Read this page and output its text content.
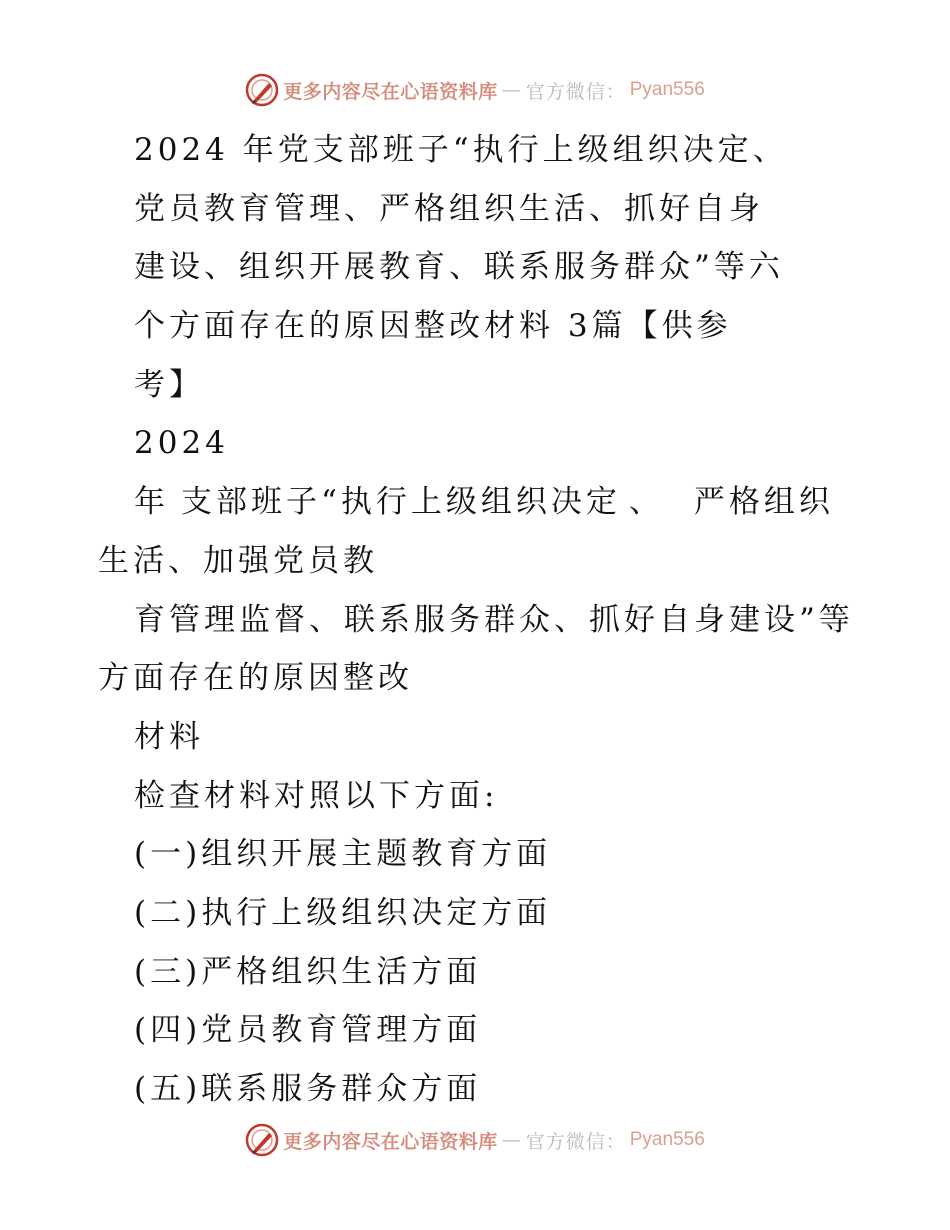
更多内容尽在心语资料库 — 官方微信： Pyan556
2024 年党支部班子“执行上级组织决定、
党员教育管理、严格组织生活、抓好自身
建设、组织开展教育、联系服务群众”等六
个方面存在的原因整改材料 3篇【供参
考】
2024
年 支部班子“执行上级组织决定 、 严格组织
生活、加强党员教
育管理监督、联系服务群众、抓好自身建设”等
方面存在的原因整改
材料
检查材料对照以下方面:
(一)组织开展主题教育方面
(二)执行上级组织决定方面
(三)严格组织生活方面
(四)党员教育管理方面
(五)联系服务群众方面
更多内容尽在心语资料库 — 官方微信： Pyan556
